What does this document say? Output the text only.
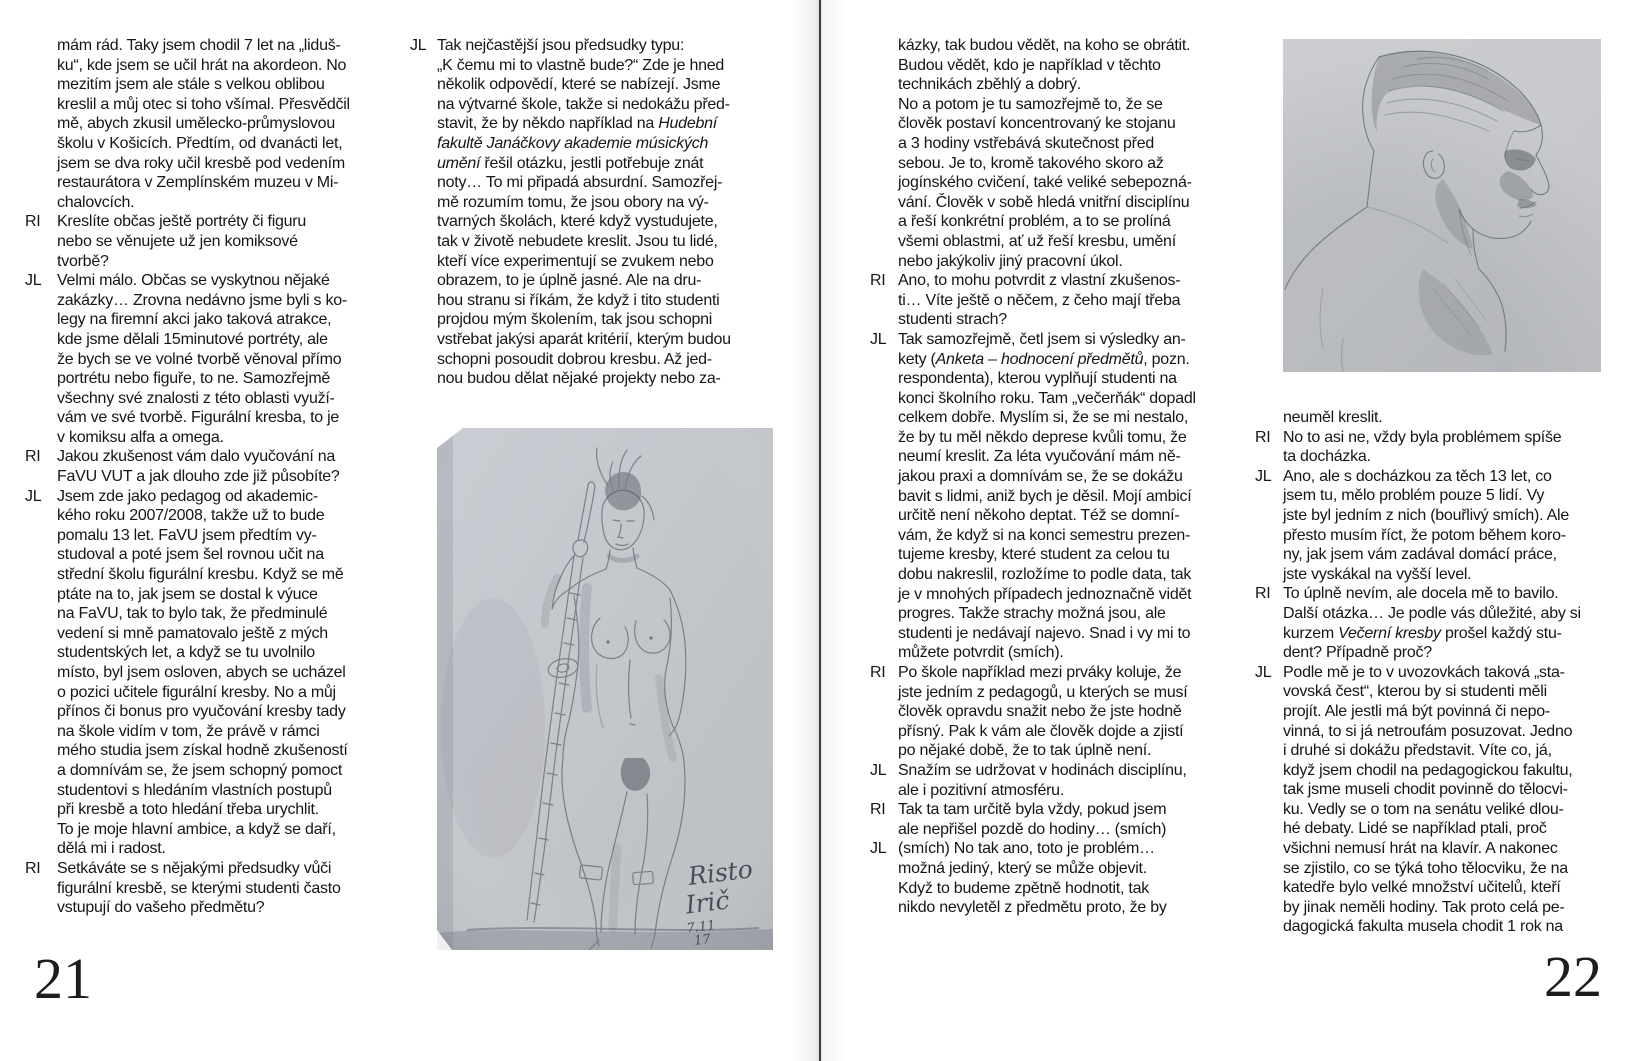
mám rád. Taky jsem chodil 7 let na „liduš-
ku“, kde jsem se učil hrát na akordeon. No
mezitím jsem ale stále s velkou oblibou
kreslil a můj otec si toho všímal. Přesvědčil
mě, abych zkusil umělecko-průmyslovou
školu v Košicích. Předtím, od dvanácti let,
jsem se dva roky učil kresbě pod vedením
restaurátora v Zemplínském muzeu v Mi-
chalovcích.
RI Kreslíte občas ještě portréty či figuru
nebo se věnujete už jen komiksové
tvorbě?
JL Velmi málo. Občas se vyskytnou nějaké
zakázky… Zrovna nedávno jsme byli s ko-
legy na firemní akci jako taková atrakce,
kde jsme dělali 15minutové portréty, ale
že bych se ve volné tvorbě věnoval přímo
portrétu nebo figuře, to ne. Samozřejmě
všechny své znalosti z této oblasti využí-
vám ve své tvorbě. Figurální kresba, to je
v komiksu alfa a omega.
RI Jakou zkušenost vám dalo vyučování na
FaVU VUT a jak dlouho zde již působíte?
JL Jsem zde jako pedagog od akademic-
kého roku 2007/2008, takže už to bude
pomalu 13 let. FaVU jsem předtím vy-
studoval a poté jsem šel rovnou učit na
střední školu figurální kresbu. Když se mě
ptáte na to, jak jsem se dostal k výuce
na FaVU, tak to bylo tak, že předminulé
vedení si mně pamatovalo ještě z mých
studentských let, a když se tu uvolnilo
místo, byl jsem osloven, abych se ucházel
o pozici učitele figurální kresby. No a můj
přínos či bonus pro vyučování kresby tady
na škole vidím v tom, že právě v rámci
mého studia jsem získal hodně zkušeností
a domnívám se, že jsem schopný pomoct
studentovi s hledáním vlastních postupů
při kresbě a toto hledání třeba urychlit.
To je moje hlavní ambice, a když se daří,
dělá mi i radost.
RI Setkáváte se s nějakými předsudky vůči
figurální kresbě, se kterými studenti často
vstupují do vašeho předmětu?
JL Tak nejčastější jsou předsudky typu:
„K čemu mi to vlastně bude?“ Zde je hned
několik odpovědí, které se nabízejí. Jsme
na výtvarné škole, takže si nedokážu před-
stavit, že by někdo například na Hudební
fakultě Janáčkovy akademie músických
umění řešil otázku, jestli potřebuje znát
noty… To mi připadá absurdní. Samozřej-
mě rozumím tomu, že jsou obory na vý-
tvarných školách, které když vystudujete,
tak v životě nebudete kreslit. Jsou tu lidé,
kteří více experimentují se zvukem nebo
obrazem, to je úplně jasné. Ale na dru-
hou stranu si říkám, že když i tito studenti
projdou mým školením, tak jsou schopni
vstřebat jakýsi aparát kritérií, kterým budou
schopni posoudit dobrou kresbu. Až jed-
nou budou dělat nějaké projekty nebo za-
Risto
Irič
7.11
17
21
kázky, tak budou vědět, na koho se obrátit.
Budou vědět, kdo je například v těchto
technikách zběhlý a dobrý.
No a potom je tu samozřejmě to, že se
člověk postaví koncentrovaný ke stojanu
a 3 hodiny vstřebává skutečnost před
sebou. Je to, kromě takového skoro až
jogínského cvičení, také veliké sebepozná-
vání. Člověk v sobě hledá vnitřní disciplínu
a řeší konkrétní problém, a to se prolíná
všemi oblastmi, ať už řeší kresbu, umění
nebo jakýkoliv jiný pracovní úkol.
RI Ano, to mohu potvrdit z vlastní zkušenos-
ti… Víte ještě o něčem, z čeho mají třeba
studenti strach?
JL Tak samozřejmě, četl jsem si výsledky an-
kety (Anketa – hodnocení předmětů, pozn.
respondenta), kterou vyplňují studenti na
konci školního roku. Tam „večerňák“ dopadl
celkem dobře. Myslím si, že se mi nestalo,
že by tu měl někdo deprese kvůli tomu, že
neumí kreslit. Za léta vyučování mám ně-
jakou praxi a domnívám se, že se dokážu
bavit s lidmi, aniž bych je děsil. Mojí ambicí
určitě není někoho deptat. Též se domní-
vám, že když si na konci semestru prezen-
tujeme kresby, které student za celou tu
dobu nakreslil, rozložíme to podle data, tak
je v mnohých případech jednoznačně vidět
progres. Takže strachy možná jsou, ale
studenti je nedávají najevo. Snad i vy mi to
můžete potvrdit (smích).
RI Po škole například mezi prváky koluje, že
jste jedním z pedagogů, u kterých se musí
člověk opravdu snažit nebo že jste hodně
přísný. Pak k vám ale člověk dojde a zjistí
po nějaké době, že to tak úplně není.
JL Snažím se udržovat v hodinách disciplínu,
ale i pozitivní atmosféru.
RI Tak ta tam určitě byla vždy, pokud jsem
ale nepřišel pozdě do hodiny… (smích)
JL (smích) No tak ano, toto je problém…
možná jediný, který se může objevit.
Když to budeme zpětně hodnotit, tak
nikdo nevyletěl z předmětu proto, že by
neuměl kreslit.
RI No to asi ne, vždy byla problémem spíše
ta docházka.
JL Ano, ale s docházkou za těch 13 let, co
jsem tu, mělo problém pouze 5 lidí. Vy
jste byl jedním z nich (bouřlivý smích). Ale
přesto musím říct, že potom během koro-
ny, jak jsem vám zadával domácí práce,
jste vyskákal na vyšší level.
RI To úplně nevím, ale docela mě to bavilo.
Další otázka… Je podle vás důležité, aby si
kurzem Večerní kresby prošel každý stu-
dent? Případně proč?
JL Podle mě je to v uvozovkách taková „sta-
vovská čest“, kterou by si studenti měli
projít. Ale jestli má být povinná či nepo-
vinná, to si já netroufám posuzovat. Jedno
i druhé si dokážu představit. Víte co, já,
když jsem chodil na pedagogickou fakultu,
tak jsme museli chodit povinně do tělocvi-
ku. Vedly se o tom na senátu veliké dlou-
hé debaty. Lidé se například ptali, proč
všichni nemusí hrát na klavír. A nakonec
se zjistilo, co se týká toho tělocviku, že na
katedře bylo velké množství učitelů, kteří
by jinak neměli hodiny. Tak proto celá pe-
dagogická fakulta musela chodit 1 rok na
22
